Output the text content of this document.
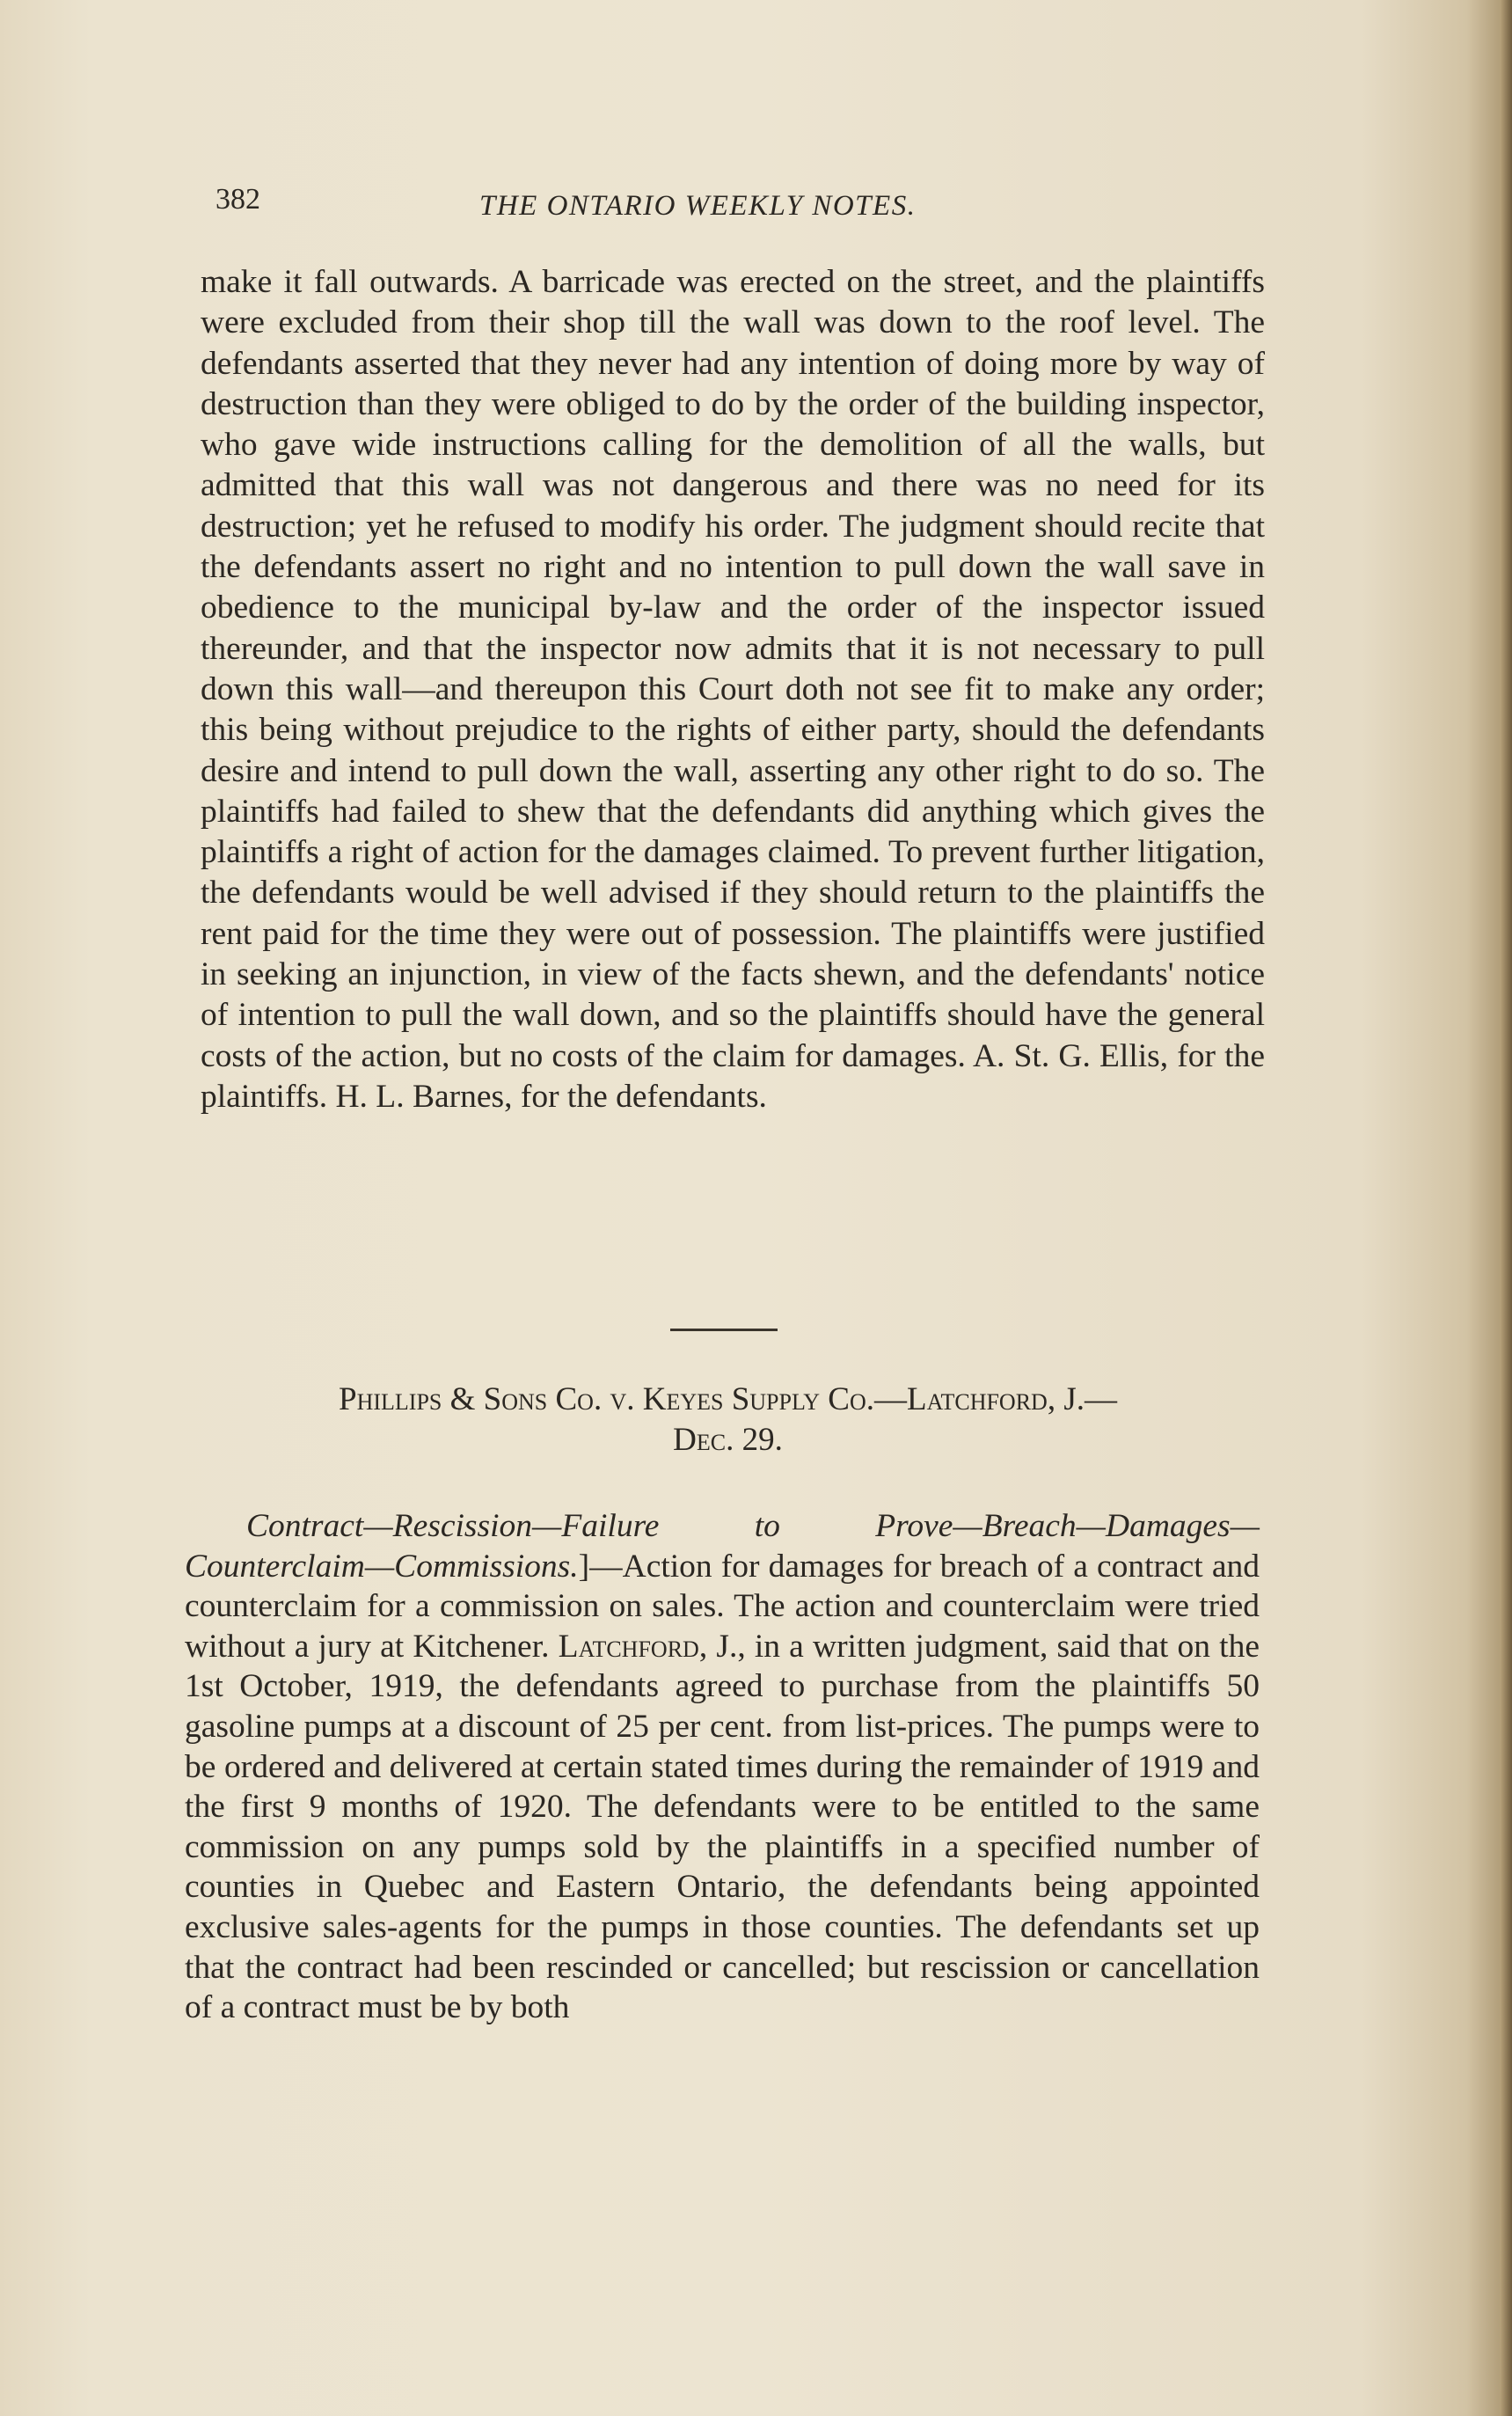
382	THE ONTARIO WEEKLY NOTES.

make it fall outwards. A barricade was erected on the street, and the plaintiffs were excluded from their shop till the wall was down to the roof level. The defendants asserted that they never had any intention of doing more by way of destruction than they were obliged to do by the order of the building inspector, who gave wide instructions calling for the demolition of all the walls, but admitted that this wall was not dangerous and there was no need for its destruction; yet he refused to modify his order. The judgment should recite that the defendants assert no right and no intention to pull down the wall save in obedience to the municipal by-law and the order of the inspector issued thereunder, and that the inspector now admits that it is not necessary to pull down this wall—and thereupon this Court doth not see fit to make any order; this being without prejudice to the rights of either party, should the defendants desire and intend to pull down the wall, asserting any other right to do so. The plaintiffs had failed to shew that the defendants did anything which gives the plaintiffs a right of action for the damages claimed. To prevent further litigation, the defendants would be well advised if they should return to the plaintiffs the rent paid for the time they were out of possession. The plaintiffs were justified in seeking an injunction, in view of the facts shewn, and the defendants' notice of intention to pull the wall down, and so the plaintiffs should have the general costs of the action, but no costs of the claim for damages. A. St. G. Ellis, for the plaintiffs. H. L. Barnes, for the defendants.

Phillips & Sons Co. v. Keyes Supply Co.—Latchford, J.—
Dec. 29.

Contract—Rescission—Failure to Prove—Breach—Damages—Counterclaim—Commissions.]—Action for damages for breach of a contract and counterclaim for a commission on sales. The action and counterclaim were tried without a jury at Kitchener. Latchford, J., in a written judgment, said that on the 1st October, 1919, the defendants agreed to purchase from the plaintiffs 50 gasoline pumps at a discount of 25 per cent. from list-prices. The pumps were to be ordered and delivered at certain stated times during the remainder of 1919 and the first 9 months of 1920. The defendants were to be entitled to the same commission on any pumps sold by the plaintiffs in a specified number of counties in Quebec and Eastern Ontario, the defendants being appointed exclusive sales-agents for the pumps in those counties. The defendants set up that the contract had been rescinded or cancelled; but rescission or cancellation of a contract must be by both
